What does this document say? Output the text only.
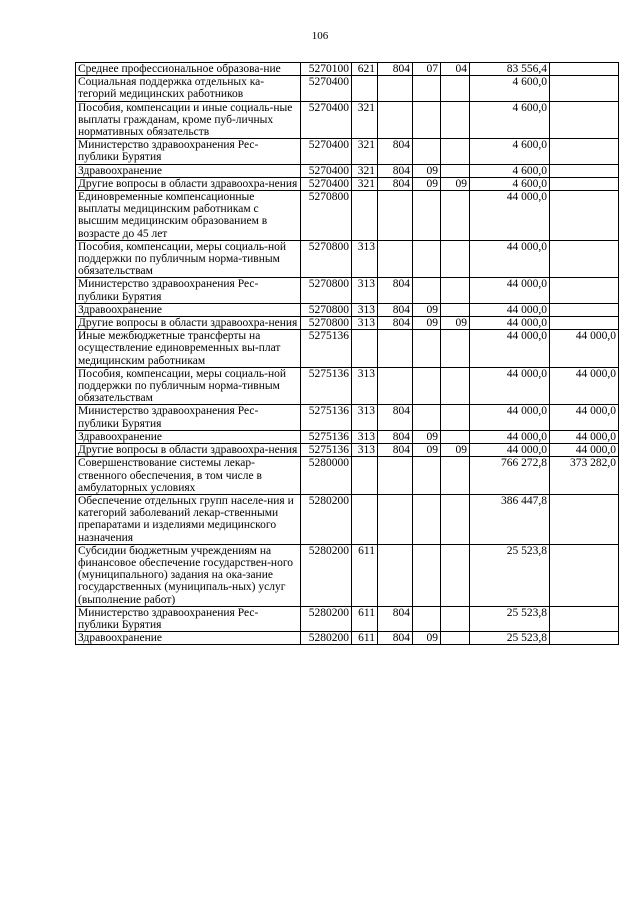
106
Среднее профессиональное образова-ние	5270100	621	804	07	04	83 556,4	
Социальная поддержка отдельных ка-тегорий медицинских работников	5270400					4 600,0	
Пособия, компенсации и иные социаль-ные выплаты гражданам, кроме пуб-личных нормативных обязательств	5270400	321				4 600,0	
Министерство здравоохранения Рес-публики Бурятия	5270400	321	804			4 600,0	
Здравоохранение	5270400	321	804	09		4 600,0	
Другие вопросы в области здравоохра-нения	5270400	321	804	09	09	4 600,0	
Единовременные компенсационные выплаты медицинским работникам с высшим медицинским образованием в возрасте до 45 лет	5270800					44 000,0	
Пособия, компенсации, меры социаль-ной поддержки по публичным норма-тивным обязательствам	5270800	313				44 000,0	
Министерство здравоохранения Рес-публики Бурятия	5270800	313	804			44 000,0	
Здравоохранение	5270800	313	804	09		44 000,0	
Другие вопросы в области здравоохра-нения	5270800	313	804	09	09	44 000,0	
Иные межбюджетные трансферты на осуществление единовременных вы-плат медицинским работникам	5275136					44 000,0	44 000,0
Пособия, компенсации, меры социаль-ной поддержки по публичным норма-тивным обязательствам	5275136	313				44 000,0	44 000,0
Министерство здравоохранения Рес-публики Бурятия	5275136	313	804			44 000,0	44 000,0
Здравоохранение	5275136	313	804	09		44 000,0	44 000,0
Другие вопросы в области здравоохра-нения	5275136	313	804	09	09	44 000,0	44 000,0
Совершенствование системы лекар-ственного обеспечения, в том числе в амбулаторных условиях	5280000					766 272,8	373 282,0
Обеспечение отдельных групп населе-ния и категорий заболеваний лекар-ственными препаратами и изделиями медицинского назначения	5280200					386 447,8	
Субсидии бюджетным учреждениям на финансовое обеспечение государствен-ного (муниципального) задания на ока-зание государственных (муниципаль-ных) услуг (выполнение работ)	5280200	611				25 523,8	
Министерство здравоохранения Рес-публики Бурятия	5280200	611	804			25 523,8	
Здравоохранение	5280200	611	804	09		25 523,8	
